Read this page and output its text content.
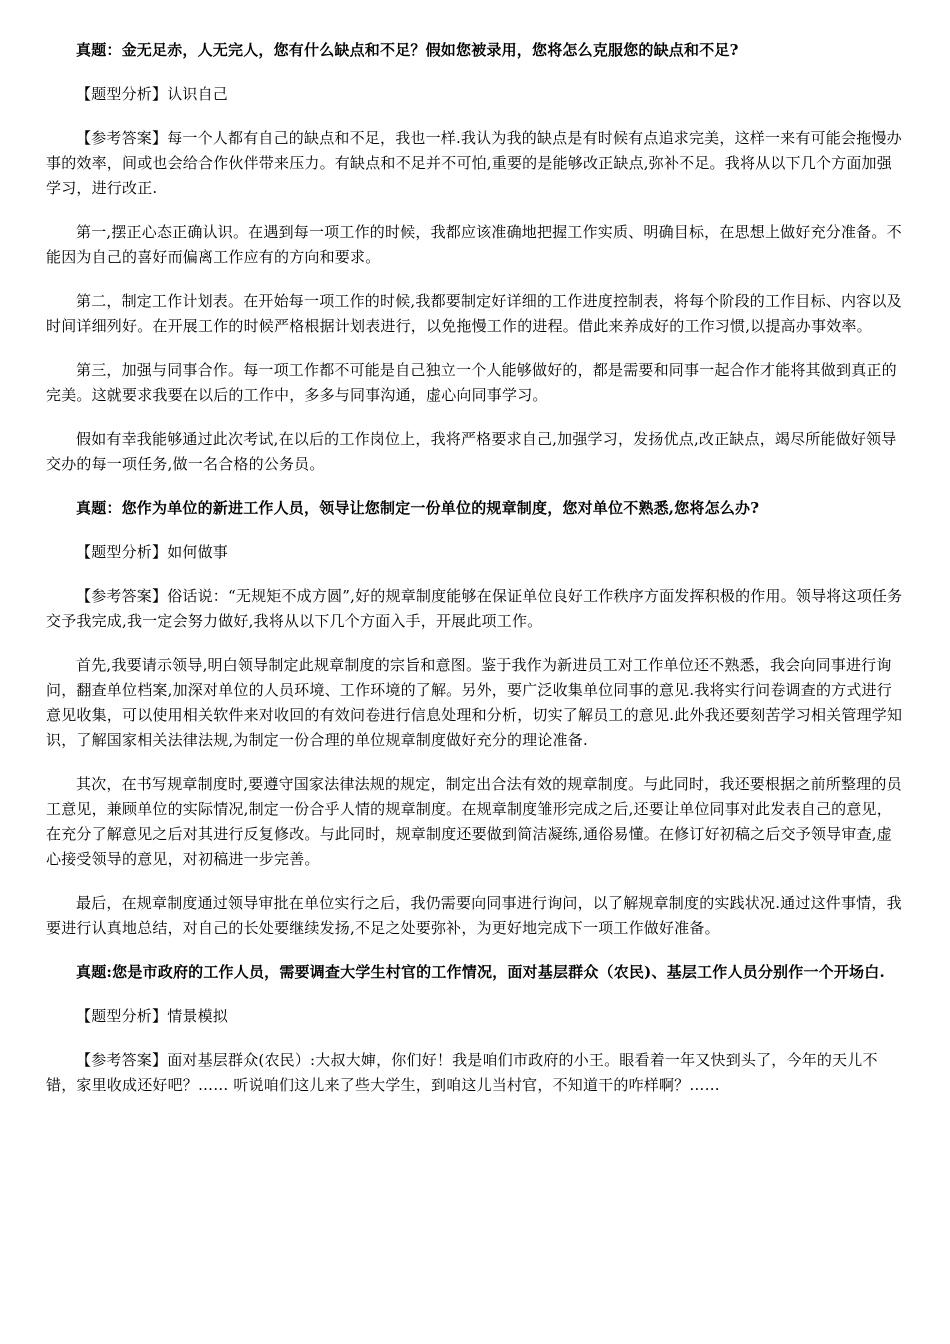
真题：金无足赤，人无完人，您有什么缺点和不足？假如您被录用，您将怎么克服您的缺点和不足?

【题型分析】认识自己

【参考答案】每一个人都有自己的缺点和不足，我也一样.我认为我的缺点是有时候有点追求完美，这样一来有可能会拖慢办事的效率，间或也会给合作伙伴带来压力。有缺点和不足并不可怕,重要的是能够改正缺点,弥补不足。我将从以下几个方面加强学习，进行改正.

第一,摆正心态正确认识。在遇到每一项工作的时候，我都应该准确地把握工作实质、明确目标，在思想上做好充分准备。不能因为自己的喜好而偏离工作应有的方向和要求。

第二，制定工作计划表。在开始每一项工作的时候,我都要制定好详细的工作进度控制表，将每个阶段的工作目标、内容以及时间详细列好。在开展工作的时候严格根据计划表进行，以免拖慢工作的进程。借此来养成好的工作习惯,以提高办事效率。

第三，加强与同事合作。每一项工作都不可能是自己独立一个人能够做好的，都是需要和同事一起合作才能将其做到真正的完美。这就要求我要在以后的工作中，多多与同事沟通，虚心向同事学习。

假如有幸我能够通过此次考试,在以后的工作岗位上，我将严格要求自己,加强学习，发扬优点,改正缺点，竭尽所能做好领导交办的每一项任务,做一名合格的公务员。

真题：您作为单位的新进工作人员，领导让您制定一份单位的规章制度，您对单位不熟悉,您将怎么办?

【题型分析】如何做事

【参考答案】俗话说：“无规矩不成方圆”,好的规章制度能够在保证单位良好工作秩序方面发挥积极的作用。领导将这项任务交予我完成,我一定会努力做好,我将从以下几个方面入手，开展此项工作。

首先,我要请示领导,明白领导制定此规章制度的宗旨和意图。鉴于我作为新进员工对工作单位还不熟悉，我会向同事进行询问，翻查单位档案,加深对单位的人员环境、工作环境的了解。另外，要广泛收集单位同事的意见.我将实行问卷调查的方式进行意见收集，可以使用相关软件来对收回的有效问卷进行信息处理和分析，切实了解员工的意见.此外我还要刻苦学习相关管理学知识，了解国家相关法律法规,为制定一份合理的单位规章制度做好充分的理论准备.

其次，在书写规章制度时,要遵守国家法律法规的规定，制定出合法有效的规章制度。与此同时，我还要根据之前所整理的员工意见，兼顾单位的实际情况,制定一份合乎人情的规章制度。在规章制度雏形完成之后,还要让单位同事对此发表自己的意见，在充分了解意见之后对其进行反复修改。与此同时，规章制度还要做到简洁凝练,通俗易懂。在修订好初稿之后交予领导审查,虚心接受领导的意见，对初稿进一步完善。

最后，在规章制度通过领导审批在单位实行之后，我仍需要向同事进行询问，以了解规章制度的实践状况.通过这件事情，我要进行认真地总结，对自己的长处要继续发扬,不足之处要弥补，为更好地完成下一项工作做好准备。

真题:您是市政府的工作人员，需要调查大学生村官的工作情况，面对基层群众（农民)、基层工作人员分别作一个开场白.

【题型分析】情景模拟

【参考答案】面对基层群众(农民）:大叔大婶，你们好！我是咱们市政府的小王。眼看着一年又快到头了，今年的天儿不错，家里收成还好吧？…… 听说咱们这儿来了些大学生，到咱这儿当村官，不知道干的咋样啊？……
